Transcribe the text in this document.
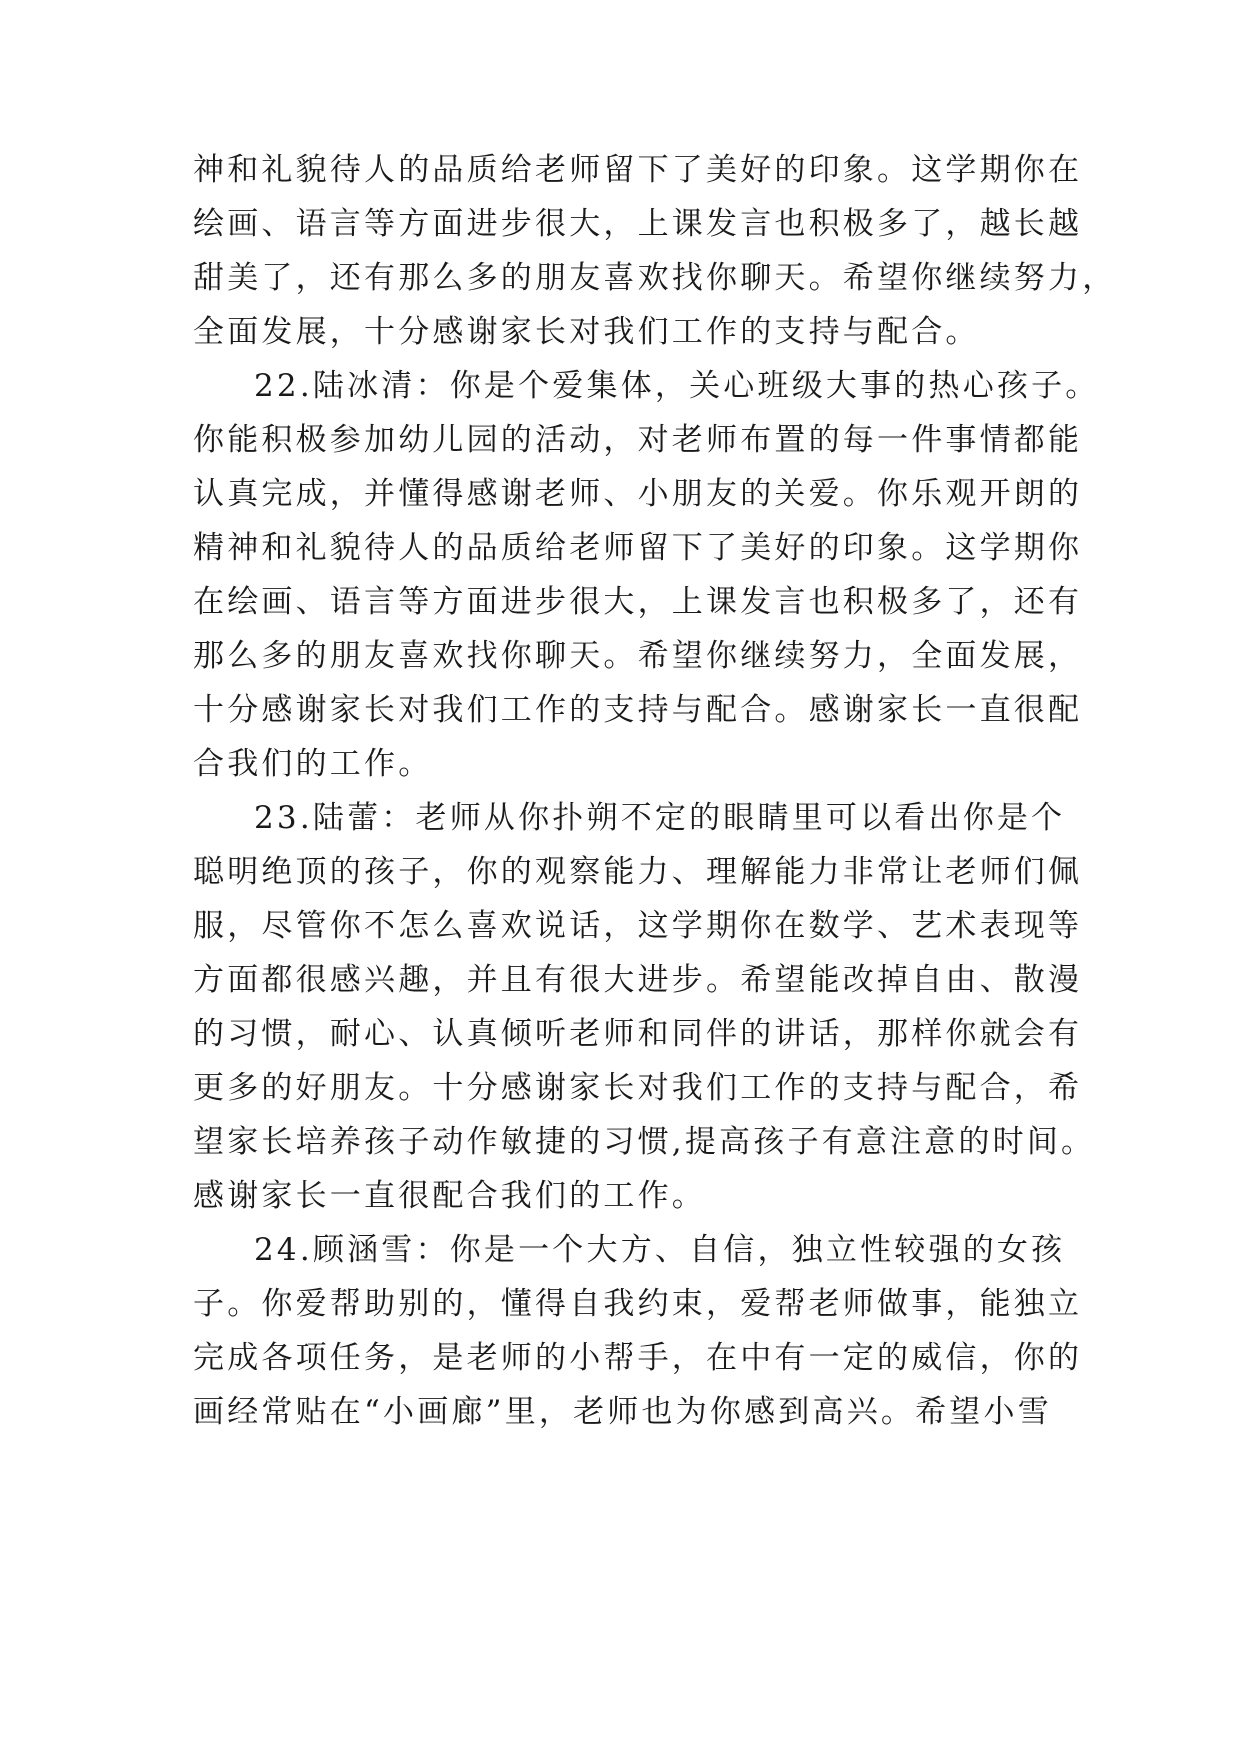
神和礼貌待人的品质给老师留下了美好的印象。这学期你在
绘画、语言等方面进步很大，上课发言也积极多了，越长越
甜美了，还有那么多的朋友喜欢找你聊天。希望你继续努力，
全面发展，十分感谢家长对我们工作的支持与配合。
22.陆冰清：你是个爱集体，关心班级大事的热心孩子。
你能积极参加幼儿园的活动，对老师布置的每一件事情都能
认真完成，并懂得感谢老师、小朋友的关爱。你乐观开朗的
精神和礼貌待人的品质给老师留下了美好的印象。这学期你
在绘画、语言等方面进步很大，上课发言也积极多了，还有
那么多的朋友喜欢找你聊天。希望你继续努力，全面发展，
十分感谢家长对我们工作的支持与配合。感谢家长一直很配
合我们的工作。
23.陆蕾：老师从你扑朔不定的眼睛里可以看出你是个
聪明绝顶的孩子，你的观察能力、理解能力非常让老师们佩
服，尽管你不怎么喜欢说话，这学期你在数学、艺术表现等
方面都很感兴趣，并且有很大进步。希望能改掉自由、散漫
的习惯，耐心、认真倾听老师和同伴的讲话，那样你就会有
更多的好朋友。十分感谢家长对我们工作的支持与配合，希
望家长培养孩子动作敏捷的习惯,提高孩子有意注意的时间。
感谢家长一直很配合我们的工作。
24.顾涵雪：你是一个大方、自信，独立性较强的女孩
子。你爱帮助别的，懂得自我约束，爱帮老师做事，能独立
完成各项任务，是老师的小帮手，在中有一定的威信，你的
画经常贴在“小画廊”里，老师也为你感到高兴。希望小雪
